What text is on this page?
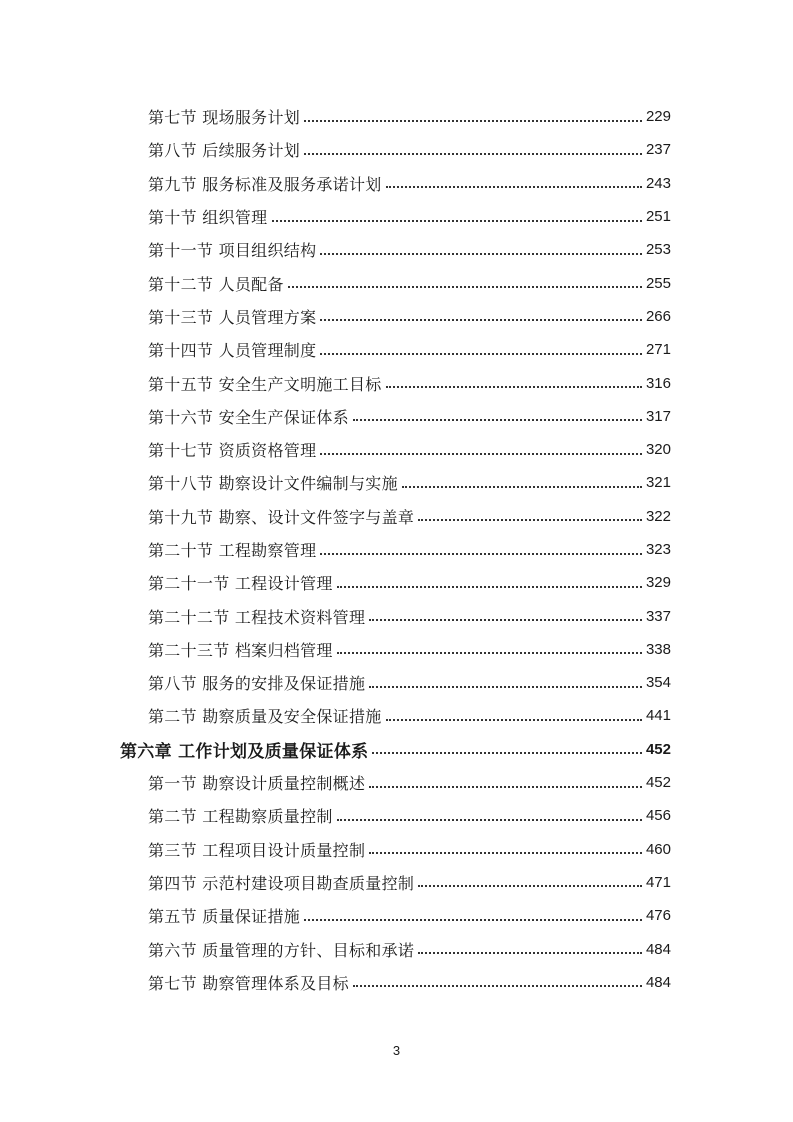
第七节 现场服务计划	229
第八节 后续服务计划	237
第九节 服务标准及服务承诺计划	243
第十节 组织管理	251
第十一节 项目组织结构	253
第十二节 人员配备	255
第十三节 人员管理方案	266
第十四节 人员管理制度	271
第十五节 安全生产文明施工目标	316
第十六节 安全生产保证体系	317
第十七节 资质资格管理	320
第十八节 勘察设计文件编制与实施	321
第十九节 勘察、设计文件签字与盖章	322
第二十节 工程勘察管理	323
第二十一节 工程设计管理	329
第二十二节 工程技术资料管理	337
第二十三节 档案归档管理	338
第八节 服务的安排及保证措施	354
第二节 勘察质量及安全保证措施	441
第六章 工作计划及质量保证体系	452
第一节 勘察设计质量控制概述	452
第二节 工程勘察质量控制	456
第三节 工程项目设计质量控制	460
第四节 示范村建设项目勘查质量控制	471
第五节 质量保证措施	476
第六节 质量管理的方针、目标和承诺	484
第七节 勘察管理体系及目标	484
3
